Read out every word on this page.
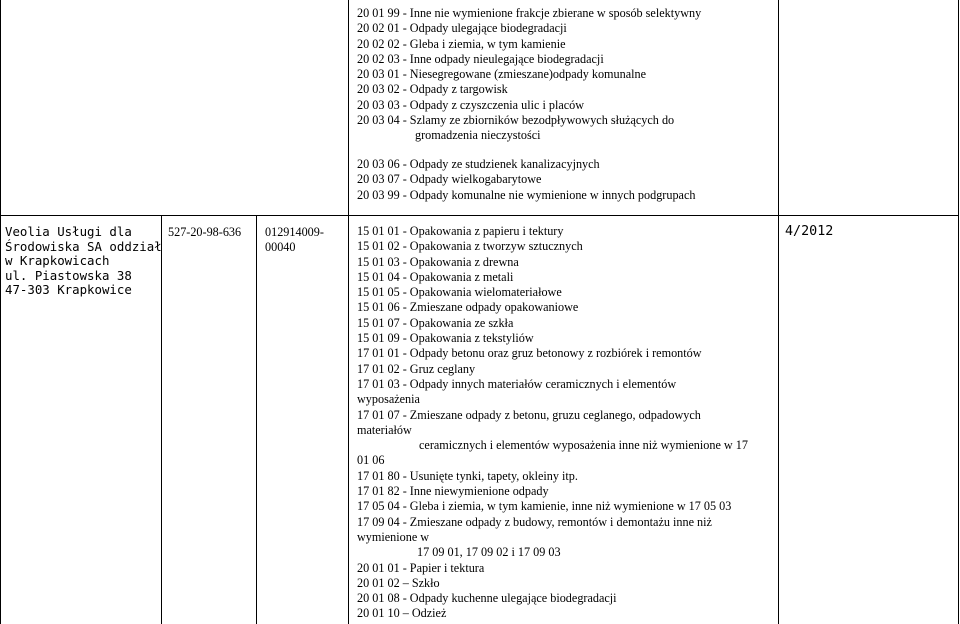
20 01 99 - Inne nie wymienione frakcje zbierane w sposób selektywny
20 02 01 - Odpady ulegające biodegradacji
20 02 02 - Gleba i ziemia, w tym kamienie
20 02 03 - Inne odpady nieulegające biodegradacji
20 03 01 - Niesegregowane (zmieszane)odpady komunalne
20 03 02 - Odpady z targowisk
20 03 03 - Odpady z czyszczenia ulic i placów
20 03 04 - Szlamy ze zbiorników bezodpływowych służących do
gromadzenia nieczystości
20 03 06 - Odpady ze studzienek kanalizacyjnych
20 03 07 - Odpady wielkogabarytowe
20 03 99 - Odpady komunalne nie wymienione w innych podgrupach
Veolia Usługi dla
Środowiska SA oddział
w Krapkowicach
ul. Piastowska 38
47-303 Krapkowice
527-20-98-636 012914009-
00040
15 01 01 - Opakowania z papieru i tektury
15 01 02 - Opakowania z tworzyw sztucznych
15 01 03 - Opakowania z drewna
15 01 04 - Opakowania z metali
15 01 05 - Opakowania wielomateriałowe
15 01 06 - Zmieszane odpady opakowaniowe
15 01 07 - Opakowania ze szkła
15 01 09 - Opakowania z tekstyliów
17 01 01 - Odpady betonu oraz gruz betonowy z rozbiórek i remontów
17 01 02 - Gruz ceglany
17 01 03 - Odpady innych materiałów ceramicznych i elementów
wyposażenia
17 01 07 - Zmieszane odpady z betonu, gruzu ceglanego, odpadowych
materiałów
ceramicznych i elementów wyposażenia inne niż wymienione w 17
01 06
17 01 80 - Usunięte tynki, tapety, okleiny itp.
17 01 82 - Inne niewymienione odpady
17 05 04 - Gleba i ziemia, w tym kamienie, inne niż wymienione w 17 05 03
17 09 04 - Zmieszane odpady z budowy, remontów i demontażu inne niż
wymienione w
17 09 01, 17 09 02 i 17 09 03
20 01 01 - Papier i tektura
20 01 02 – Szkło
20 01 08 - Odpady kuchenne ulegające biodegradacji
20 01 10 – Odzież
4/2012
